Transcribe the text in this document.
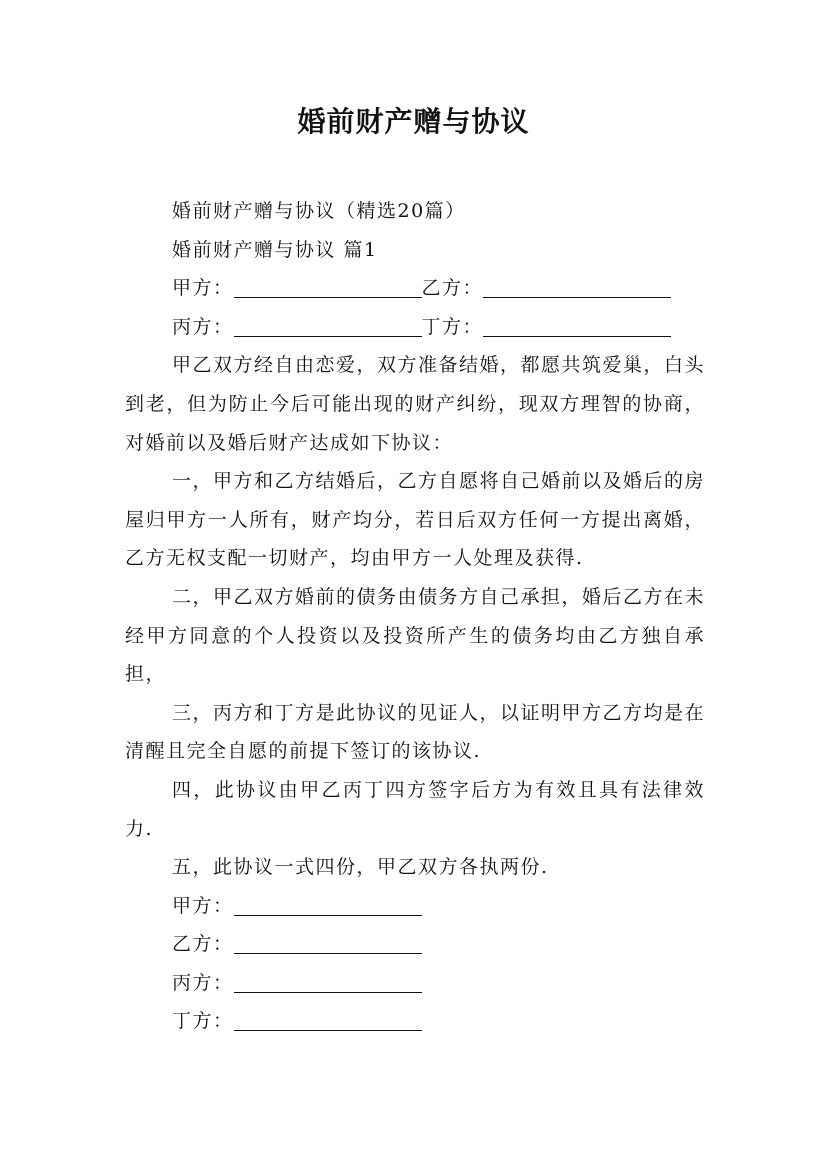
婚前财产赠与协议

婚前财产赠与协议（精选20篇）

婚前财产赠与协议 篇1

甲方：	乙方：

丙方：	丁方：

甲乙双方经自由恋爱，双方准备结婚，都愿共筑爱巢，白头到老，但为防止今后可能出现的财产纠纷，现双方理智的协商，对婚前以及婚后财产达成如下协议：

一，甲方和乙方结婚后，乙方自愿将自己婚前以及婚后的房屋归甲方一人所有，财产均分，若日后双方任何一方提出离婚，乙方无权支配一切财产，均由甲方一人处理及获得.

二，甲乙双方婚前的债务由债务方自己承担，婚后乙方在未经甲方同意的个人投资以及投资所产生的债务均由乙方独自承担，

三，丙方和丁方是此协议的见证人，以证明甲方乙方均是在清醒且完全自愿的前提下签订的该协议.

四，此协议由甲乙丙丁四方签字后方为有效且具有法律效力.

五，此协议一式四份，甲乙双方各执两份.

甲方：

乙方：

丙方：

丁方：
